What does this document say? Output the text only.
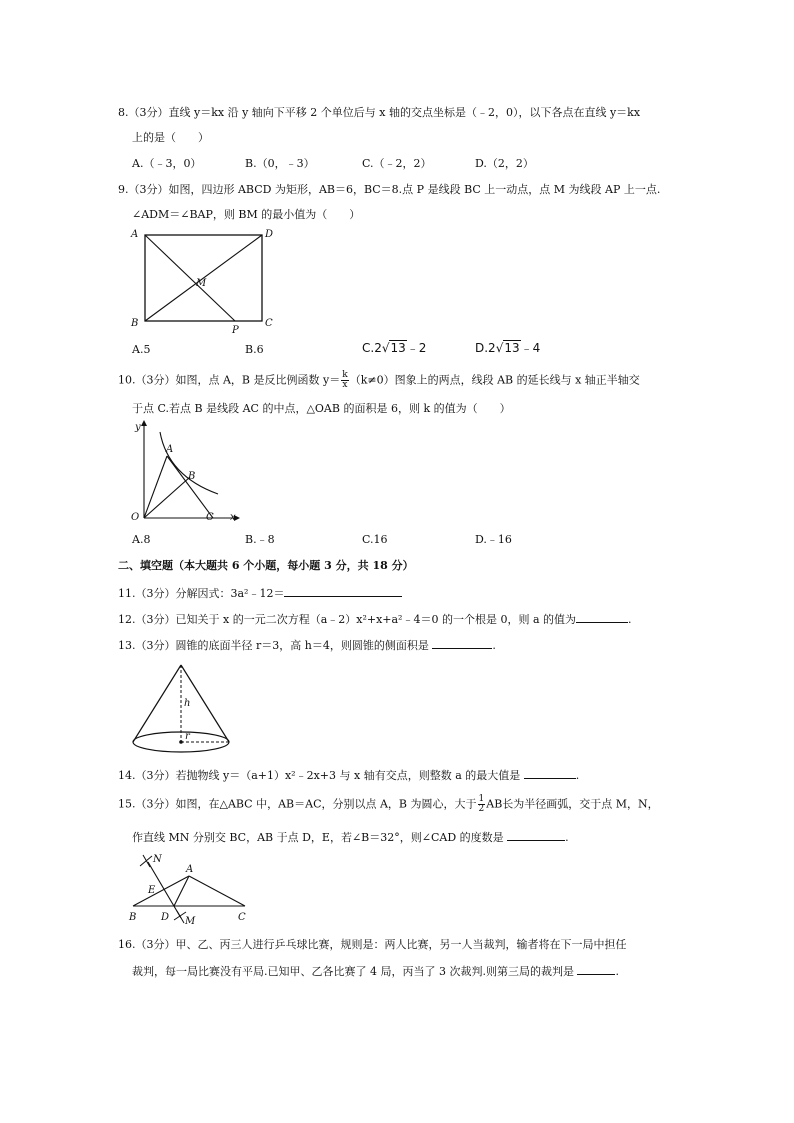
8.（3分）直线 y＝kx 沿 y 轴向下平移 2 个单位后与 x 轴的交点坐标是（﹣2，0），以下各点在直线 y＝kx
上的是（　　）
A.（﹣3，0）	B.（0，﹣3）	C.（﹣2，2）	D.（2，2）
9.（3分）如图，四边形 ABCD 为矩形，AB＝6，BC＝8.点 P 是线段 BC 上一动点，点 M 为线段 AP 上一点.
∠ADM＝∠BAP，则 BM 的最小值为（　　）
A	D
M
B
P
C
A.5	B.6	C.2√13﹣2	D.2√13﹣4
10.（3分）如图，点 A，B 是反比例函数 $y= \frac{k}{x} (k\ne 0)$图象上的两点，线段 AB 的延长线与 x 轴正半轴交
于点 C.若点 B 是线段 AC 的中点，△OAB 的面积是 6，则 k 的值为（　　）
y
A
B
O	C x
A.8	B.﹣8	C.16	D.﹣16
二、填空题（本大题共 6 个小题，每小题 3 分，共 18 分）
11.（3分）分解因式：3a²﹣12＝
12.（3分）已知关于 x 的一元二次方程（a﹣2）x²+x+a²﹣4＝0 的一个根是 0，则 a 的值为	.
13.（3分）圆锥的底面半径 r＝3，高 h＝4，则圆锥的侧面积是	.
h
r
14.（3分）若抛物线 y＝（a+1）x²﹣2x+3 与 x 轴有交点，则整数 a 的最大值是	.
15.（3分）如图，在△ABC 中，AB＝AC，分别以点 A，B 为圆心，大于 $\frac{1}{2}$ AB长为半径画弧，交于点 M，N，
作直线 MN 分别交 BC，AB 于点 D，E，若∠B＝32°，则∠CAD 的度数是	.
N
A
E
B D M	C
16.（3分）甲、乙、丙三人进行乒乓球比赛，规则是：两人比赛，另一人当裁判，输者将在下一局中担任
裁判，每一局比赛没有平局.已知甲、乙各比赛了 4 局，丙当了 3 次裁判.则第三局的裁判是	.
